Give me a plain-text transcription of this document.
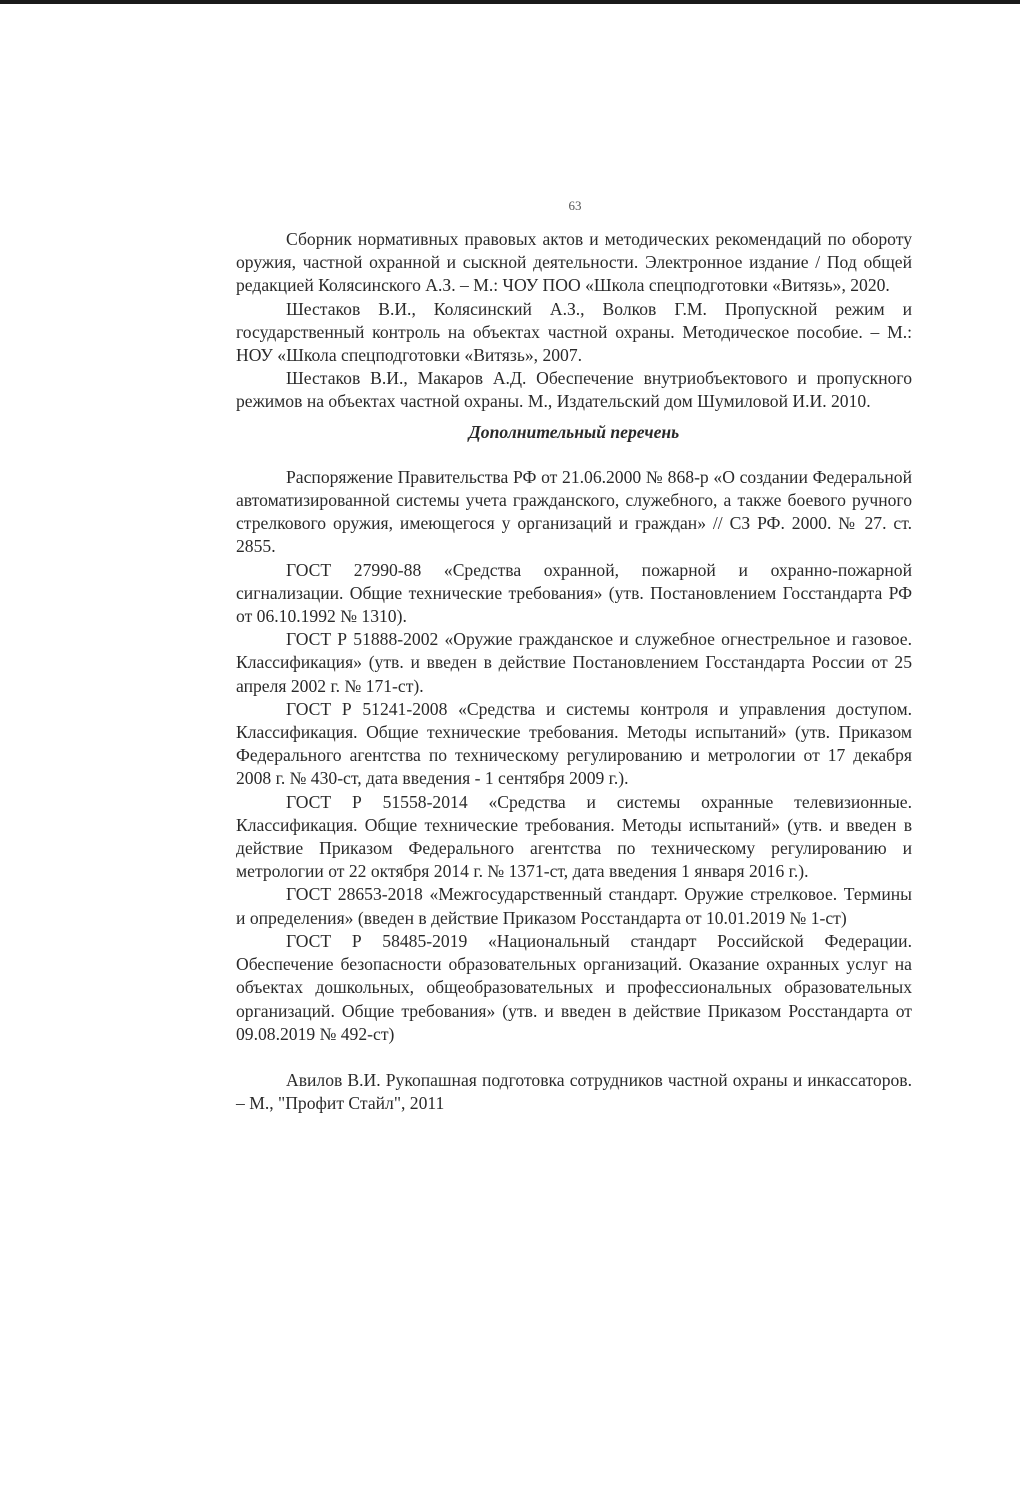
63

Сборник нормативных правовых актов и методических рекомендаций по обороту оружия, частной охранной и сыскной деятельности. Электронное издание / Под общей редакцией Колясинского А.З. – М.: ЧОУ ПОО «Школа спецподготовки «Витязь», 2020.

Шестаков В.И., Колясинский А.З., Волков Г.М. Пропускной режим и государственный контроль на объектах частной охраны. Методическое пособие. – М.: НОУ «Школа спецподготовки «Витязь», 2007.

Шестаков В.И., Макаров А.Д. Обеспечение внутриобъектового и пропускного режимов на объектах частной охраны. М., Издательский дом Шумиловой И.И. 2010.

Дополнительный перечень

Распоряжение Правительства РФ от 21.06.2000 № 868-р «О создании Федеральной автоматизированной системы учета гражданского, служебного, а также боевого ручного стрелкового оружия, имеющегося у организаций и граждан» // СЗ РФ. 2000. № 27. ст. 2855.

ГОСТ 27990-88 «Средства охранной, пожарной и охранно-пожарной сигнализации. Общие технические требования» (утв. Постановлением Госстандарта РФ от 06.10.1992 № 1310).

ГОСТ Р 51888-2002 «Оружие гражданское и служебное огнестрельное и газовое. Классификация» (утв. и введен в действие Постановлением Госстандарта России от 25 апреля 2002 г. № 171-ст).

ГОСТ Р 51241-2008 «Средства и системы контроля и управления доступом. Классификация. Общие технические требования. Методы испытаний» (утв. Приказом Федерального агентства по техническому регулированию и метрологии от 17 декабря 2008 г. № 430-ст, дата введения - 1 сентября 2009 г.).

ГОСТ Р 51558-2014 «Средства и системы охранные телевизионные. Классификация. Общие технические требования. Методы испытаний» (утв. и введен в действие Приказом Федерального агентства по техническому регулированию и метрологии от 22 октября 2014 г. № 1371-ст, дата введения 1 января 2016 г.).

ГОСТ 28653-2018 «Межгосударственный стандарт. Оружие стрелковое. Термины и определения» (введен в действие Приказом Росстандарта от 10.01.2019 № 1-ст)

ГОСТ Р 58485-2019 «Национальный стандарт Российской Федерации. Обеспечение безопасности образовательных организаций. Оказание охранных услуг на объектах дошкольных, общеобразовательных и профессиональных образовательных организаций. Общие требования» (утв. и введен в действие Приказом Росстандарта от 09.08.2019 № 492-ст)

Авилов В.И. Рукопашная подготовка сотрудников частной охраны и инкассаторов. – М., "Профит Стайл", 2011
